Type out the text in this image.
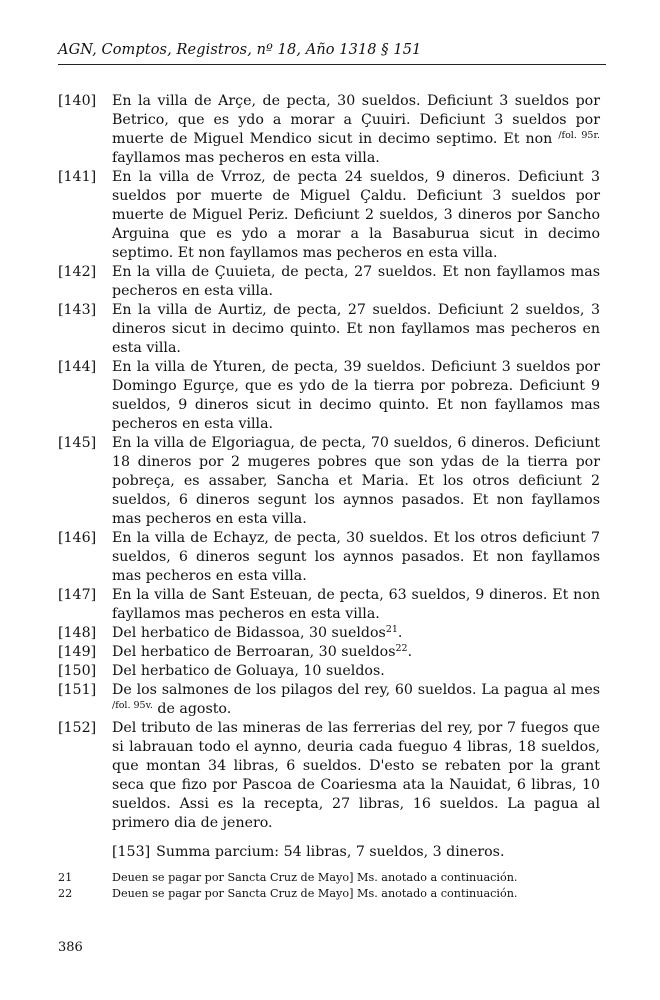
AGN, Comptos, Registros, nº 18, Año 1318 § 151

[140]	En la villa de Arçe, de pecta, 30 sueldos. Deficiunt 3 sueldos por Betrico, que es ydo a morar a Çuuiri. Deficiunt 3 sueldos por muerte de Miguel Mendico sicut in decimo septimo. Et non $^{/fol. 95r.}$ fayllamos mas pecheros en esta villa.

[141]	En la villa de Vrroz, de pecta 24 sueldos, 9 dineros. Deficiunt 3 sueldos por muerte de Miguel Çaldu. Deficiunt 3 sueldos por muerte de Miguel Periz. Deficiunt 2 sueldos, 3 dineros por Sancho Arguina que es ydo a morar a la Basaburua sicut in decimo septimo. Et non fayllamos mas pecheros en esta villa.

[142]	En la villa de Çuuieta, de pecta, 27 sueldos. Et non fayllamos mas pecheros en esta villa.

[143]	En la villa de Aurtiz, de pecta, 27 sueldos. Deficiunt 2 sueldos, 3 dineros sicut in decimo quinto. Et non fayllamos mas pecheros en esta villa.

[144]	En la villa de Yturen, de pecta, 39 sueldos. Deficiunt 3 sueldos por Domingo Egurçe, que es ydo de la tierra por pobreza. Deficiunt 9 sueldos, 9 dineros sicut in decimo quinto. Et non fayllamos mas pecheros en esta villa.

[145]	En la villa de Elgoriagua, de pecta, 70 sueldos, 6 dineros. Deficiunt 18 dineros por 2 mugeres pobres que son ydas de la tierra por pobreça, es assaber, Sancha et Maria. Et los otros deficiunt 2 sueldos, 6 dineros segunt los aynnos pasados. Et non fayllamos mas pecheros en esta villa.

[146]	En la villa de Echayz, de pecta, 30 sueldos. Et los otros deficiunt 7 sueldos, 6 dineros segunt los aynnos pasados. Et non fayllamos mas pecheros en esta villa.

[147]	En la villa de Sant Esteuan, de pecta, 63 sueldos, 9 dineros. Et non fayllamos mas pecheros en esta villa.

[148]	Del herbatico de Bidassoa, 30 sueldos$^{21}$.

[149]	Del herbatico de Berroaran, 30 sueldos$^{22}$.

[150]	Del herbatico de Goluaya, 10 sueldos.

[151]	De los salmones de los pilagos del rey, 60 sueldos. La pagua al mes $^{/fol. 95v.}$ de agosto.

[152]	Del tributo de las mineras de las ferrerias del rey, por 7 fuegos que si labrauan todo el aynno, deuria cada fueguo 4 libras, 18 sueldos, que montan 34 libras, 6 sueldos. D'esto se rebaten por la grant seca que fizo por Pascoa de Coariesma ata la Nauidat, 6 libras, 10 sueldos. Assi es la recepta, 27 libras, 16 sueldos. La pagua al primero dia de jenero.

[153] Summa parcium: 54 libras, 7 sueldos, 3 dineros.

21	Deuen se pagar por Sancta Cruz de Mayo] Ms. anotado a continuación.
22	Deuen se pagar por Sancta Cruz de Mayo] Ms. anotado a continuación.
386
